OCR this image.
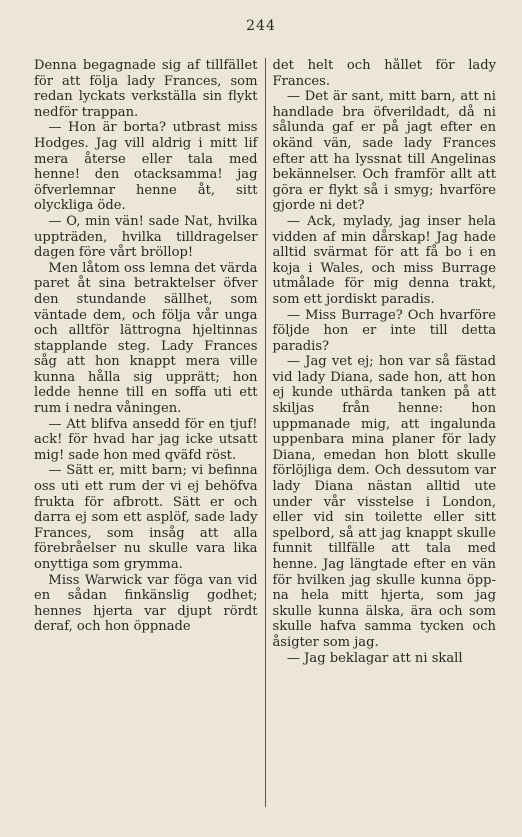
244

Denna begagnade sig af tillfället för att följa lady Frances, som redan lyckats verkställa sin flykt nedför trappan.

— Hon är borta? utbrast miss Hodges. Jag vill aldrig i mitt lif mera återse eller tala med henne! den otacksamma! jag öfverlemnar henne åt, sitt olyckliga öde.

— O, min vän! sade Nat, hvilka uppträden, hvilka tilldragelser dagen före vårt bröllop!

Men låtom oss lemna det värda paret åt sina betraktelser öfver den stundande sällhet, som väntade dem, och följa vår unga och alltför lättrogna hjeltinnas stapplande steg. Lady Frances såg att hon knappt mera ville kunna hålla sig upprätt; hon ledde henne till en soffa uti ett rum i nedra våningen.

— Att blifva ansedd för en tjuf! ack! för hvad har jag icke utsatt mig! sade hon med qväfd röst.

— Sätt er, mitt barn; vi befinna oss uti ett rum der vi ej behöfva frukta för afbrott. Sätt er och darra ej som ett asplöf, sade lady Frances, som insåg att alla förebråelser nu skulle vara lika onyttiga som grymma.

Miss Warwick var föga van vid en sådan finkänslig godhet; hennes hjerta var djupt rördt deraf, och hon öppnade

det helt och hållet för lady Frances.

— Det är sant, mitt barn, att ni handlade bra öfverildadt, då ni sålunda gaf er på jagt efter en okänd vän, sade lady Frances efter att ha lyssnat till Angelinas bekännelser. Och framför allt att göra er flykt så i smyg; hvarföre gjorde ni det?

— Ack, mylady, jag inser hela vidden af min dårskap! Jag hade alltid svärmat för att få bo i en koja i Wales, och miss Burrage utmålade för mig denna trakt, som ett jordiskt paradis.

— Miss Burrage? Och hvarföre följde hon er inte till detta paradis?

— Jag vet ej; hon var så fästad vid lady Diana, sade hon, att hon ej kunde uthärda tanken på att skiljas från henne: hon uppmanade mig, att ingalunda uppenbara mina planer för lady Diana, emedan hon blott skulle förlöjliga dem. Och dessutom var lady Diana nästan alltid ute under vår visstelse i London, eller vid sin toilette eller sitt spelbord, så att jag knappt skulle funnit tillfälle att tala med henne. Jag längtade efter en vän för hvilken jag skulle kunna öppna hela mitt hjerta, som jag skulle kunna älska, ära och som skulle hafva samma tycken och åsigter som jag.

— Jag beklagar att ni skall
